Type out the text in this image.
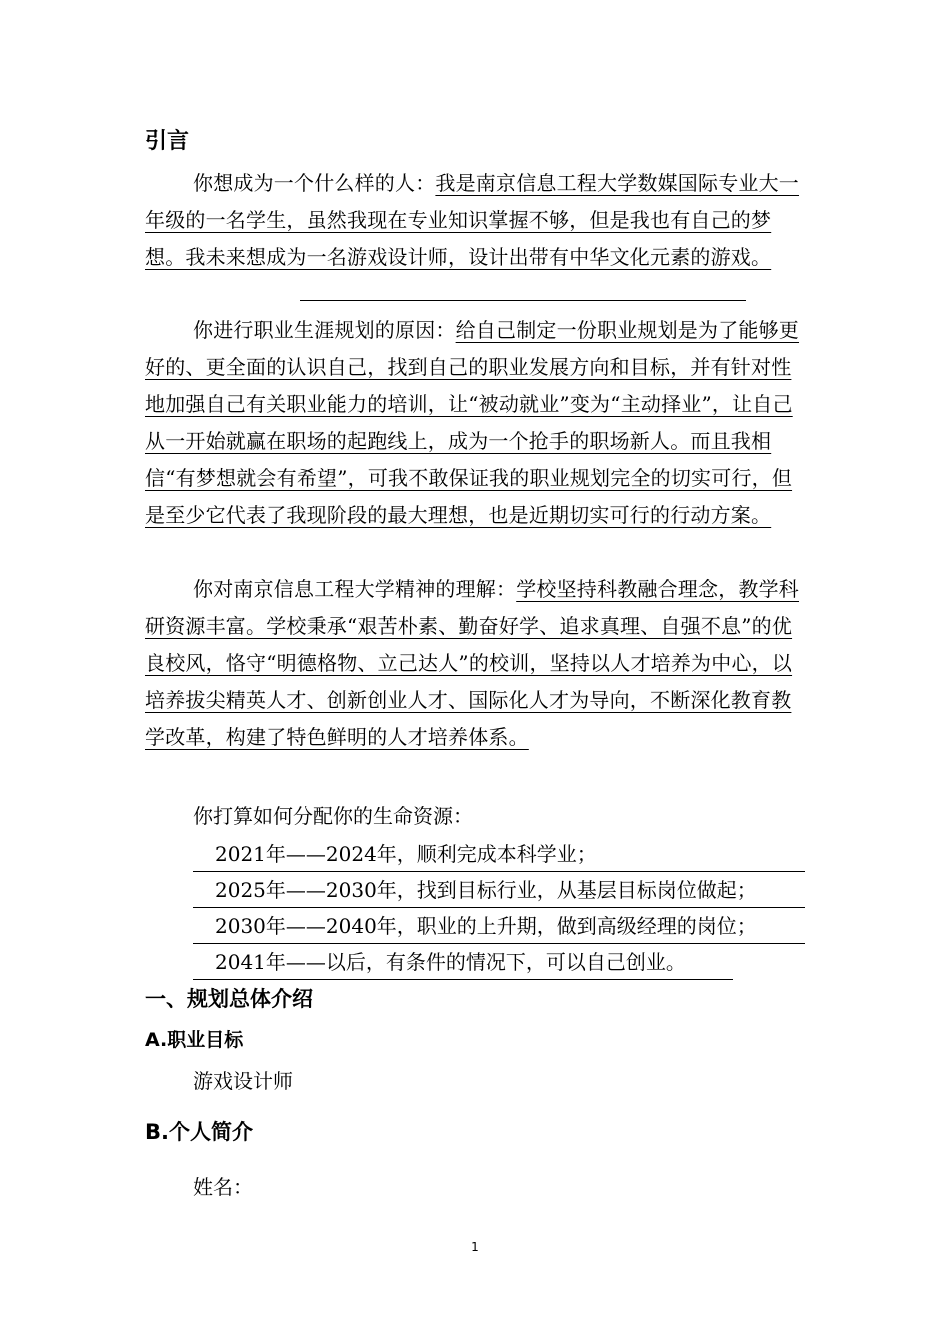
引言

你想成为一个什么样的人：我是南京信息工程大学数媒国际专业大一年级的一名学生，虽然我现在专业知识掌握不够，但是我也有自己的梦想。我未来想成为一名游戏设计师，设计出带有中华文化元素的游戏。

你进行职业生涯规划的原因：给自己制定一份职业规划是为了能够更好的、更全面的认识自己，找到自己的职业发展方向和目标，并有针对性地加强自己有关职业能力的培训，让“被动就业”变为“主动择业”，让自己从一开始就赢在职场的起跑线上，成为一个抢手的职场新人。而且我相信“有梦想就会有希望”，可我不敢保证我的职业规划完全的切实可行，但是至少它代表了我现阶段的最大理想，也是近期切实可行的行动方案。

你对南京信息工程大学精神的理解：学校坚持科教融合理念，教学科研资源丰富。学校秉承“艰苦朴素、勤奋好学、追求真理、自强不息”的优良校风，恪守“明德格物、立己达人”的校训，坚持以人才培养为中心，以培养拔尖精英人才、创新创业人才、国际化人才为导向，不断深化教育教学改革，构建了特色鲜明的人才培养体系。

你打算如何分配你的生命资源：

2021年——2024年，顺利完成本科学业；
2025年——2030年，找到目标行业，从基层目标岗位做起；
2030年——2040年，职业的上升期，做到高级经理的岗位；
2041年——以后，有条件的情况下，可以自己创业。
一、规划总体介绍
A.职业目标

游戏设计师

B.个人简介

姓名：

1
